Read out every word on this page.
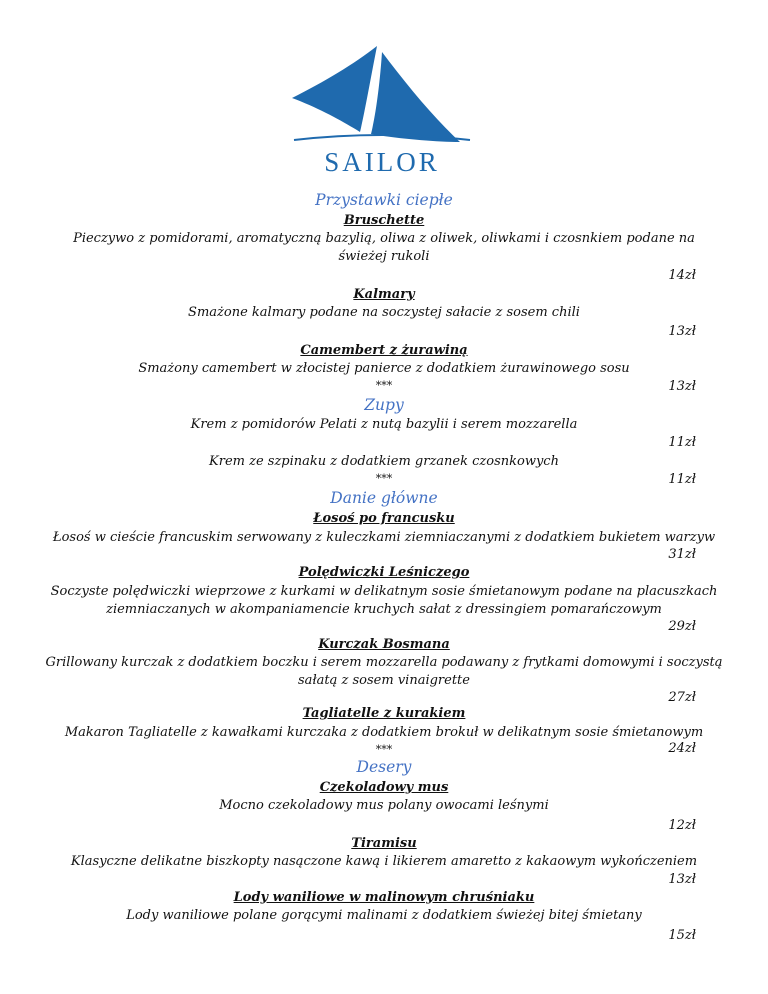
SAILOR
Przystawki ciepłe
Bruschette
Pieczywo z pomidorami, aromatyczną bazylią, oliwa z oliwek, oliwkami i czosnkiem podane na
świeżej rukoli
14zł
Kalmary
Smażone kalmary podane na soczystej sałacie z sosem chili
13zł
Camembert z żurawiną
Smażony camembert w złocistej panierce z dodatkiem żurawinowego sosu
***	13zł
Zupy
Krem z pomidorów Pelati z nutą bazylii i serem mozzarella
11zł
Krem ze szpinaku z dodatkiem grzanek czosnkowych
***	11zł
Danie główne
Łosoś po francusku
Łosoś w cieście francuskim serwowany z kuleczkami ziemniaczanymi z dodatkiem bukietem warzyw
31zł
Polędwiczki Leśniczego
Soczyste polędwiczki wieprzowe z kurkami w delikatnym sosie śmietanowym podane na placuszkach
ziemniaczanych w akompaniamencie kruchych sałat z dressingiem pomarańczowym
29zł
Kurczak Bosmana
Grillowany kurczak z dodatkiem boczku i serem mozzarella podawany z frytkami domowymi i soczystą
sałatą z sosem vinaigrette
27zł
Tagliatelle z kurakiem
Makaron Tagliatelle z kawałkami kurczaka z dodatkiem brokuł w delikatnym sosie śmietanowym
***	24zł
Desery
Czekoladowy mus
Mocno czekoladowy mus polany owocami leśnymi
12zł
Tiramisu
Klasyczne delikatne biszkopty nasączone kawą i likierem amaretto z kakaowym wykończeniem
13zł
Lody waniliowe w malinowym chruśniaku
Lody waniliowe polane gorącymi malinami z dodatkiem świeżej bitej śmietany
15zł
